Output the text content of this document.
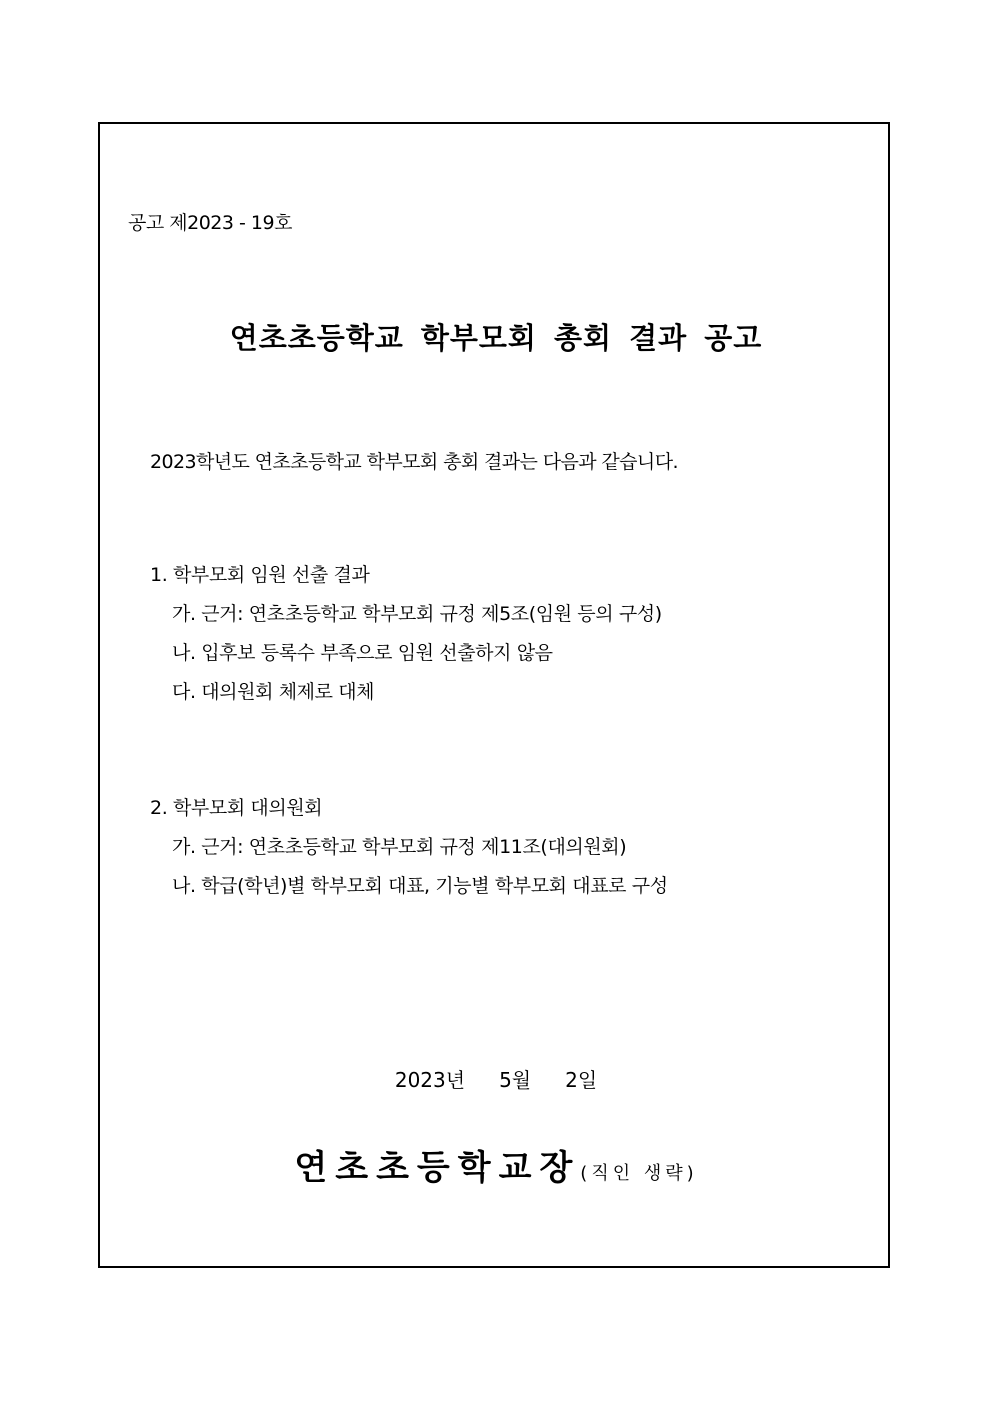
공고 제2023 - 19호
연초초등학교 학부모회 총회 결과 공고
2023학년도 연초초등학교 학부모회 총회 결과는 다음과 같습니다.
1. 학부모회 임원 선출 결과
가. 근거: 연초초등학교 학부모회 규정 제5조(임원 등의 구성)
나. 입후보 등록수 부족으로 임원 선출하지 않음
다. 대의원회 체제로 대체
2. 학부모회 대의원회
가. 근거: 연초초등학교 학부모회 규정 제11조(대의원회)
나. 학급(학년)별 학부모회 대표, 기능별 학부모회 대표로 구성
2023년 5월 2일
연초초등학교장(직인 생략)
